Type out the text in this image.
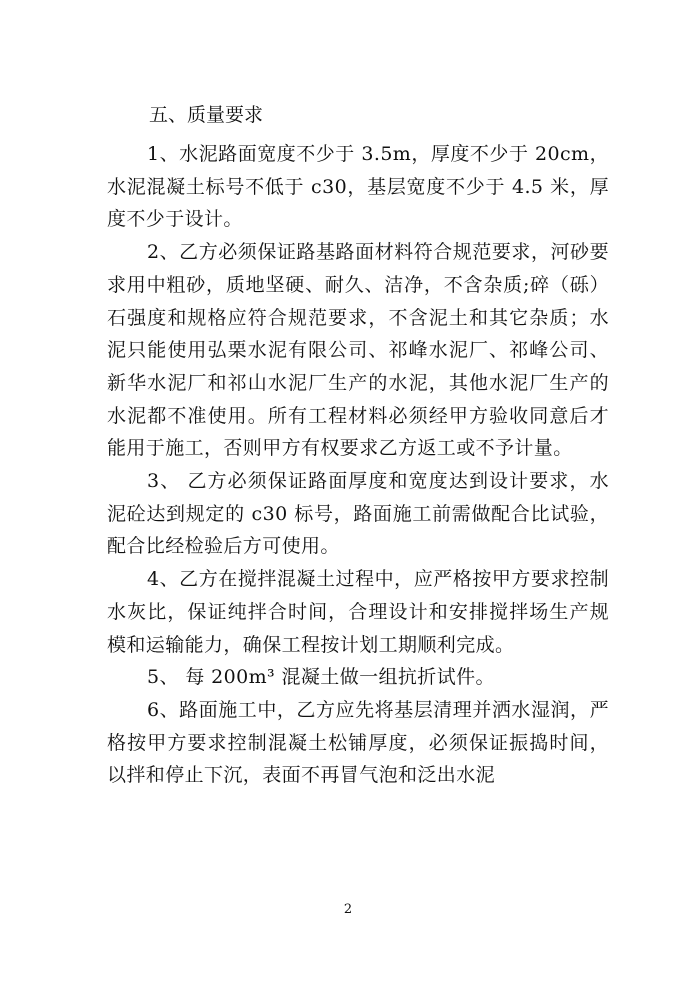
五、质量要求

1、水泥路面宽度不少于 3.5m，厚度不少于 20cm，水泥混凝土标号不低于 c30，基层宽度不少于 4.5 米，厚度不少于设计。

2、乙方必须保证路基路面材料符合规范要求，河砂要求用中粗砂，质地坚硬、耐久、洁净，不含杂质;碎（砾）石强度和规格应符合规范要求，不含泥土和其它杂质；水泥只能使用弘栗水泥有限公司、祁峰水泥厂、祁峰公司、新华水泥厂和祁山水泥厂生产的水泥，其他水泥厂生产的水泥都不准使用。所有工程材料必须经甲方验收同意后才能用于施工，否则甲方有权要求乙方返工或不予计量。

3、 乙方必须保证路面厚度和宽度达到设计要求，水泥砼达到规定的 c30 标号，路面施工前需做配合比试验，配合比经检验后方可使用。

4、乙方在搅拌混凝土过程中，应严格按甲方要求控制水灰比，保证纯拌合时间，合理设计和安排搅拌场生产规模和运输能力，确保工程按计划工期顺利完成。

5、 每 200m³ 混凝土做一组抗折试件。

6、路面施工中，乙方应先将基层清理并洒水湿润，严格按甲方要求控制混凝土松铺厚度，必须保证振捣时间，以拌和停止下沉，表面不再冒气泡和泛出水泥

2
